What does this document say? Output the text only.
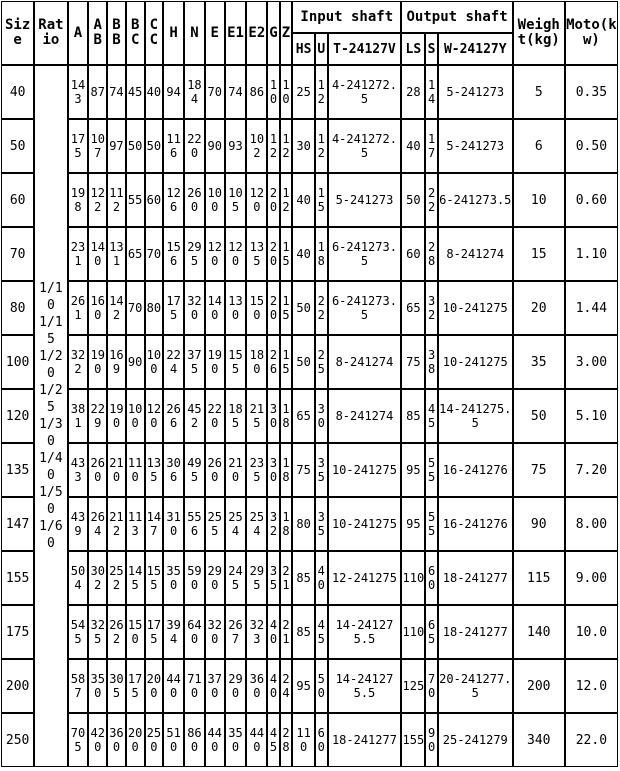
Size	Ratio	A	AB	BB	BC	CC	H	N	E	E1	E2	G	Z	Input shaft			Output shaft			Weight(kg)	Moto(kw)
														HS	U	T-24127V	LS	S	W-24127Y		
40	1/10 1/15 1/20 1/25 1/30 1/40 1/50 1/60	143	87	74	45	40	94	184	70	74	86	10	10	25	12	4-241272.5	28	14	5-241273	5	0.35
50		175	107	97	50	50	116	220	90	93	102	12	12	30	12	4-241272.5	40	17	5-241273	6	0.50
60		198	122	112	55	60	126	260	100	105	120	20	12	40	15	5-241273	50	22	6-241273.5	10	0.60
70		231	140	131	65	70	156	295	120	120	135	20	15	40	18	6-241273.5	60	28	8-241274	15	1.10
80		261	160	142	70	80	175	320	140	130	150	20	15	50	22	6-241273.5	65	32	10-241275	20	1.44
100		322	190	169	90	100	224	375	190	155	180	26	15	50	25	8-241274	75	38	10-241275	35	3.00
120		381	229	190	100	120	266	452	220	185	215	30	18	65	30	8-241274	85	45	14-241275.5	50	5.10
135		433	260	210	110	135	306	495	260	210	235	30	18	75	35	10-241275	95	55	16-241276	75	7.20
147		439	264	212	113	147	310	556	255	254	254	32	18	80	35	10-241275	95	55	16-241276	90	8.00
155		504	302	252	145	155	350	590	290	245	295	35	21	85	40	12-241275	110	60	18-241277	115	9.00
175		545	325	262	150	175	394	640	320	267	323	40	21	85	45	14-241275.5	110	65	18-241277	140	10.0
200		587	350	305	175	200	440	710	370	290	360	40	24	95	50	14-241275.5	125	70	20-241277.5	200	12.0
250		705	420	360	200	250	510	860	440	350	440	45	28	110	60	18-241277	155	90	25-241279	340	22.0
